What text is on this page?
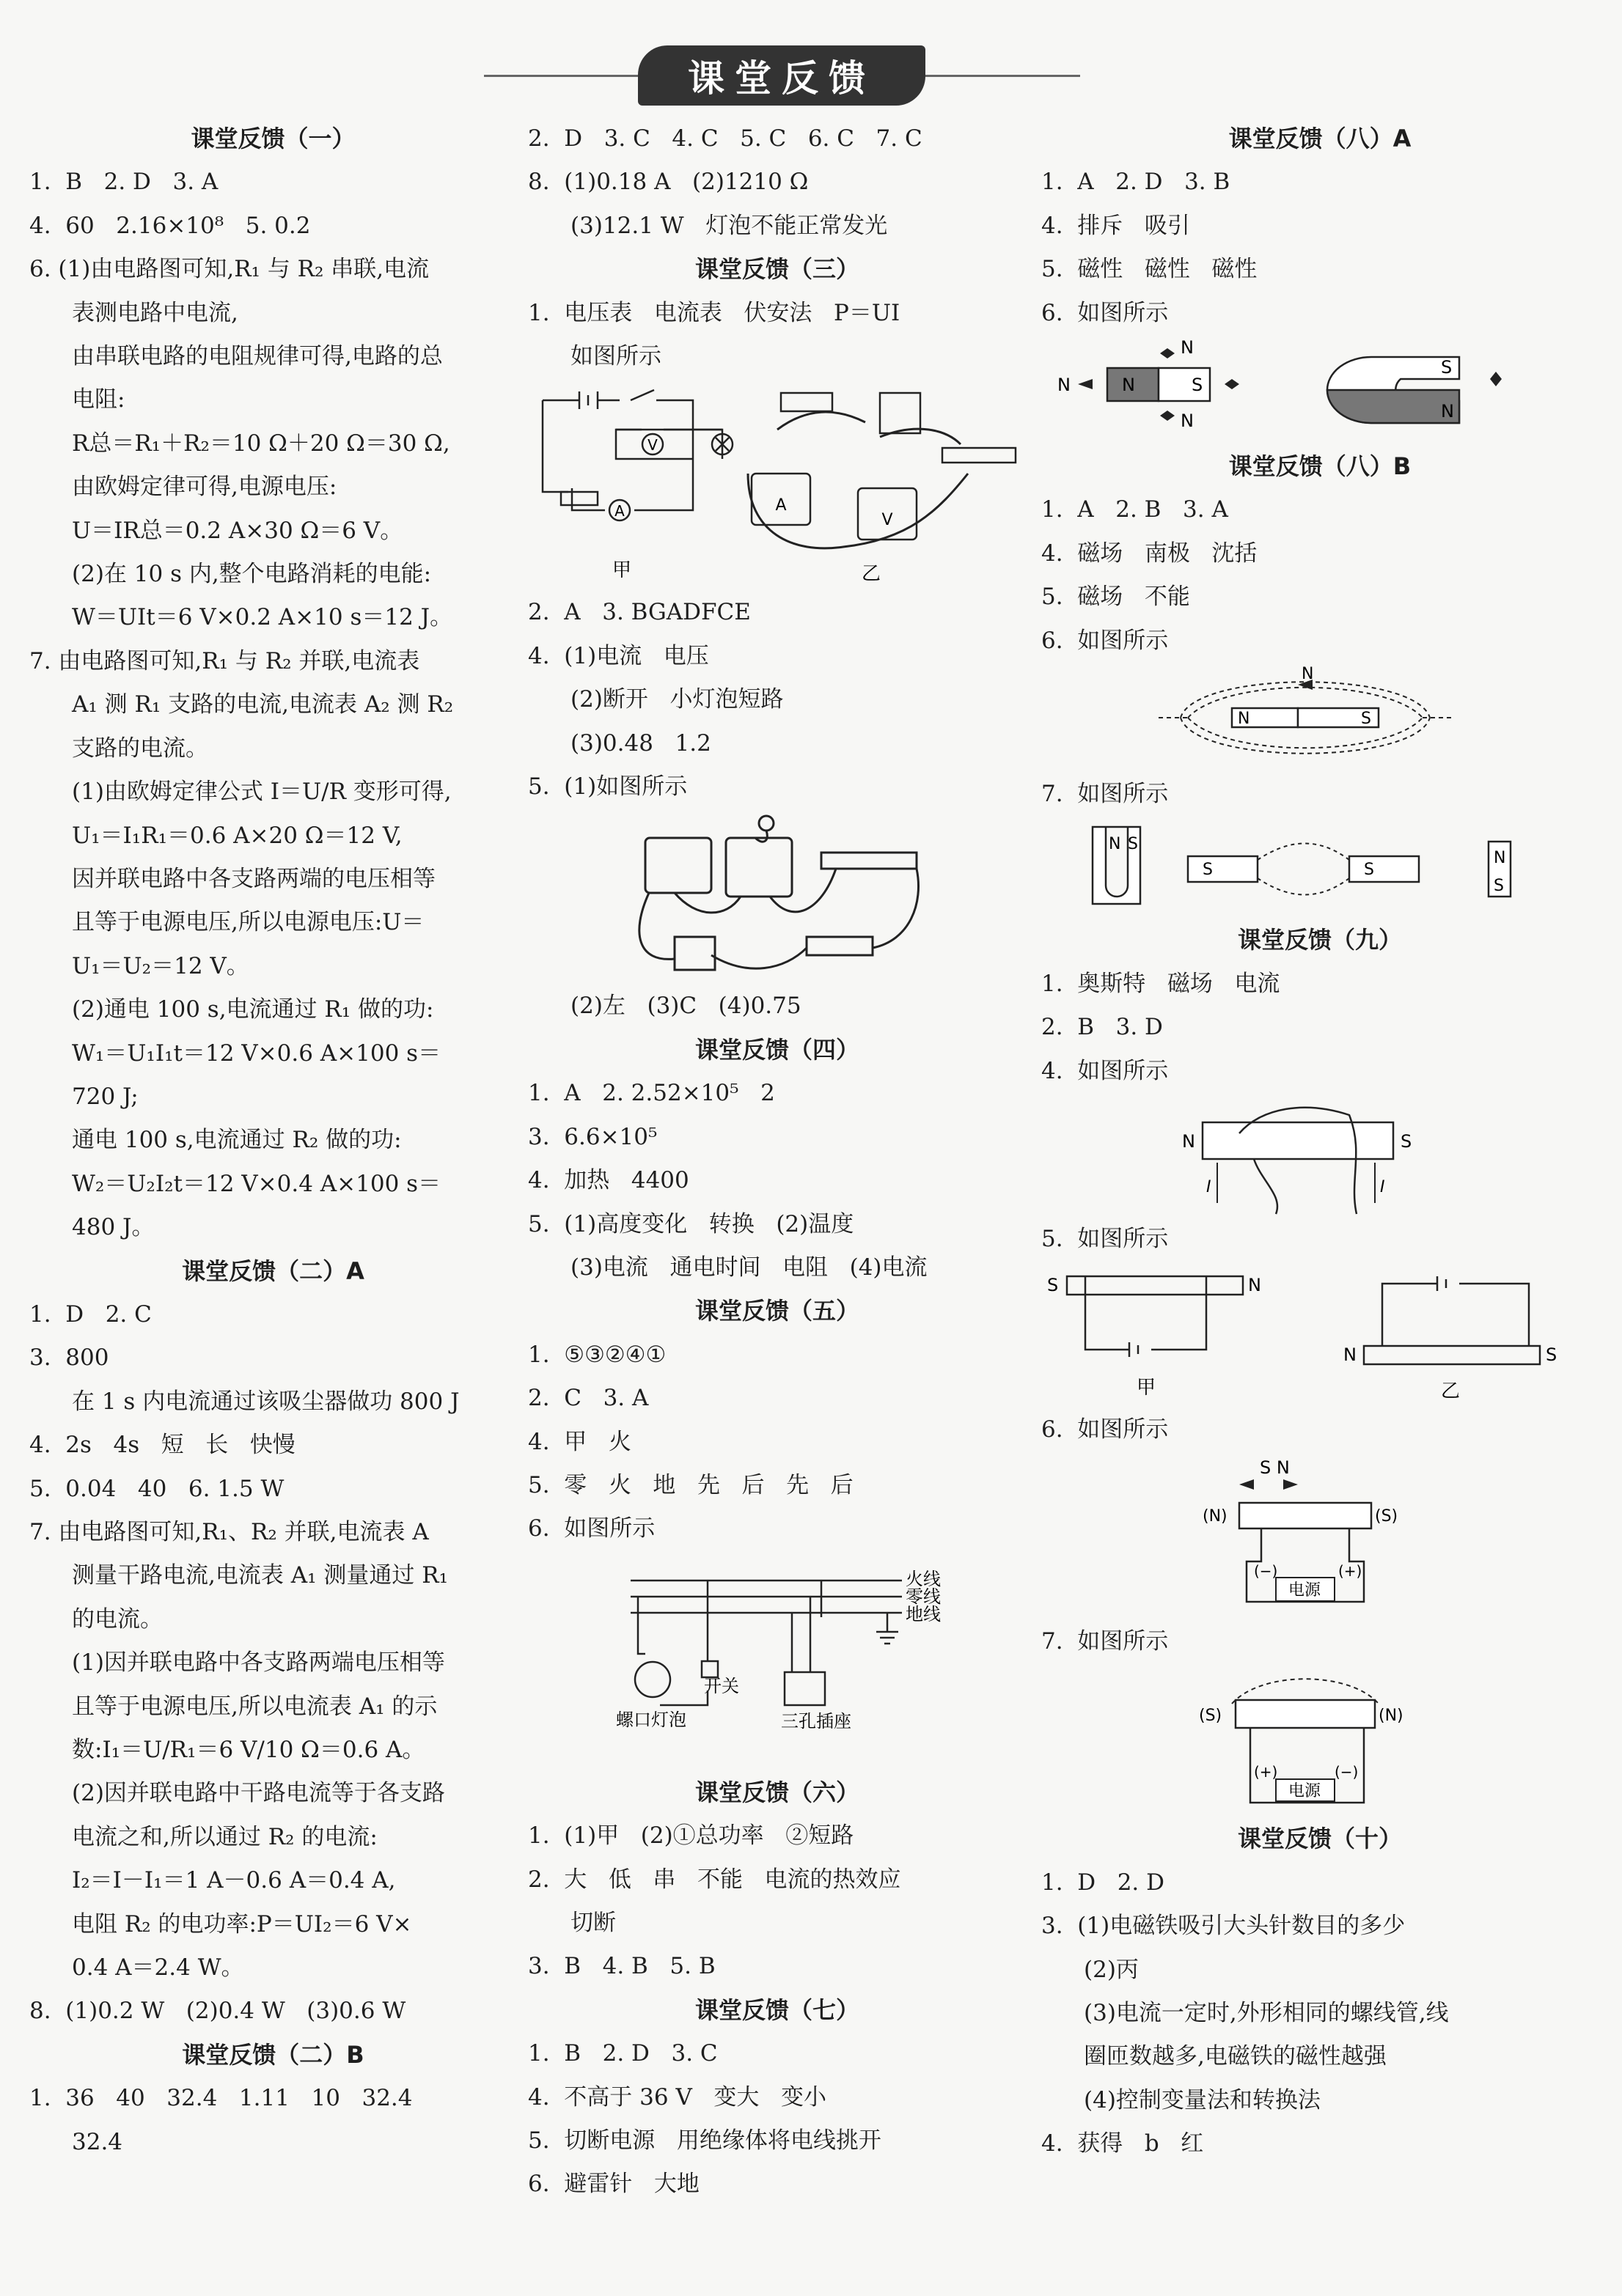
课堂反馈
课堂反馈（一）
1.  B   2. D   3. A
4.  60   2.16×10⁸   5. 0.2
6. (1)由电路图可知,R₁ 与 R₂ 串联,电流
表测电路中电流,
由串联电路的电阻规律可得,电路的总
电阻:
R总＝R₁＋R₂＝10 Ω＋20 Ω＝30 Ω,
由欧姆定律可得,电源电压:
U＝IR总＝0.2 A×30 Ω＝6 V。
(2)在 10 s 内,整个电路消耗的电能:
W＝UIt＝6 V×0.2 A×10 s＝12 J。
7. 由电路图可知,R₁ 与 R₂ 并联,电流表
A₁ 测 R₁ 支路的电流,电流表 A₂ 测 R₂
支路的电流。
(1)由欧姆定律公式 I＝U/R 变形可得,
U₁＝I₁R₁＝0.6 A×20 Ω＝12 V,
因并联电路中各支路两端的电压相等
且等于电源电压,所以电源电压:U＝
U₁＝U₂＝12 V。
(2)通电 100 s,电流通过 R₁ 做的功:
W₁＝U₁I₁t＝12 V×0.6 A×100 s＝
720 J;
通电 100 s,电流通过 R₂ 做的功:
W₂＝U₂I₂t＝12 V×0.4 A×100 s＝
480 J。
课堂反馈（二）A
1.  D   2. C
3.  800
在 1 s 内电流通过该吸尘器做功 800 J
4.  2s   4s   短   长   快慢
5.  0.04   40   6. 1.5 W
7. 由电路图可知,R₁、R₂ 并联,电流表 A
测量干路电流,电流表 A₁ 测量通过 R₁
的电流。
(1)因并联电路中各支路两端电压相等
且等于电源电压,所以电流表 A₁ 的示
数:I₁＝U/R₁＝6 V/10 Ω＝0.6 A。
(2)因并联电路中干路电流等于各支路
电流之和,所以通过 R₂ 的电流:
I₂＝I－I₁＝1 A－0.6 A＝0.4 A,
电阻 R₂ 的电功率:P＝UI₂＝6 V×
0.4 A＝2.4 W。
8.  (1)0.2 W   (2)0.4 W   (3)0.6 W
课堂反馈（二）B
1.  36   40   32.4   1.11   10   32.4
32.4
2.  D   3. C   4. C   5. C   6. C   7. C
8.  (1)0.18 A   (2)1210 Ω
(3)12.1 W   灯泡不能正常发光
课堂反馈（三）
1.  电压表   电流表   伏安法   P＝UI
如图所示
V
A	A
V
甲	乙
2.  A   3. BGADFCE
4.  (1)电流   电压
(2)断开   小灯泡短路
(3)0.48   1.2
5.  (1)如图所示
(2)左   (3)C   (4)0.75
课堂反馈（四）
1.  A   2. 2.52×10⁵   2
3.  6.6×10⁵
4.  加热   4400
5.  (1)高度变化   转换   (2)温度
(3)电流   通电时间   电阻   (4)电流
课堂反馈（五）
1.  ⑤③②④①
2.  C   3. A
4.  甲   火
5.  零   火   地   先   后   先   后
6.  如图所示
火线
零线
地线
螺口灯泡
开关
三孔插座
课堂反馈（六）
1.  (1)甲   (2)①总功率   ②短路
2.  大   低   串   不能   电流的热效应
切断
3.  B   4. B   5. B
课堂反馈（七）
1.  B   2. D   3. C
4.  不高于 36 V   变大   变小
5.  切断电源   用绝缘体将电线挑开
6.  避雷针   大地
课堂反馈（八）A
1.  A   2. D   3. B
4.  排斥   吸引
5.  磁性   磁性   磁性
6.  如图所示
N	S
N
N
N
S
N
课堂反馈（八）B
1.  A   2. B   3. A
4.  磁场   南极   沈括
5.  磁场   不能
6.  如图所示
N	S
N
7.  如图所示
N S
S	S
N
S
课堂反馈（九）
1.  奥斯特   磁场   电流
2.  B   3. D
4.  如图所示
N	S
I	I
5.  如图所示
S	N
N	S
甲	乙
6.  如图所示
S N
(N)	(S)
(−)	(+)
电源
7.  如图所示
(S)	(N)
(+)	(−)
电源
课堂反馈（十）
1.  D   2. D
3.  (1)电磁铁吸引大头针数目的多少
(2)丙
(3)电流一定时,外形相同的螺线管,线
圈匝数越多,电磁铁的磁性越强
(4)控制变量法和转换法
4.  获得   b   红
